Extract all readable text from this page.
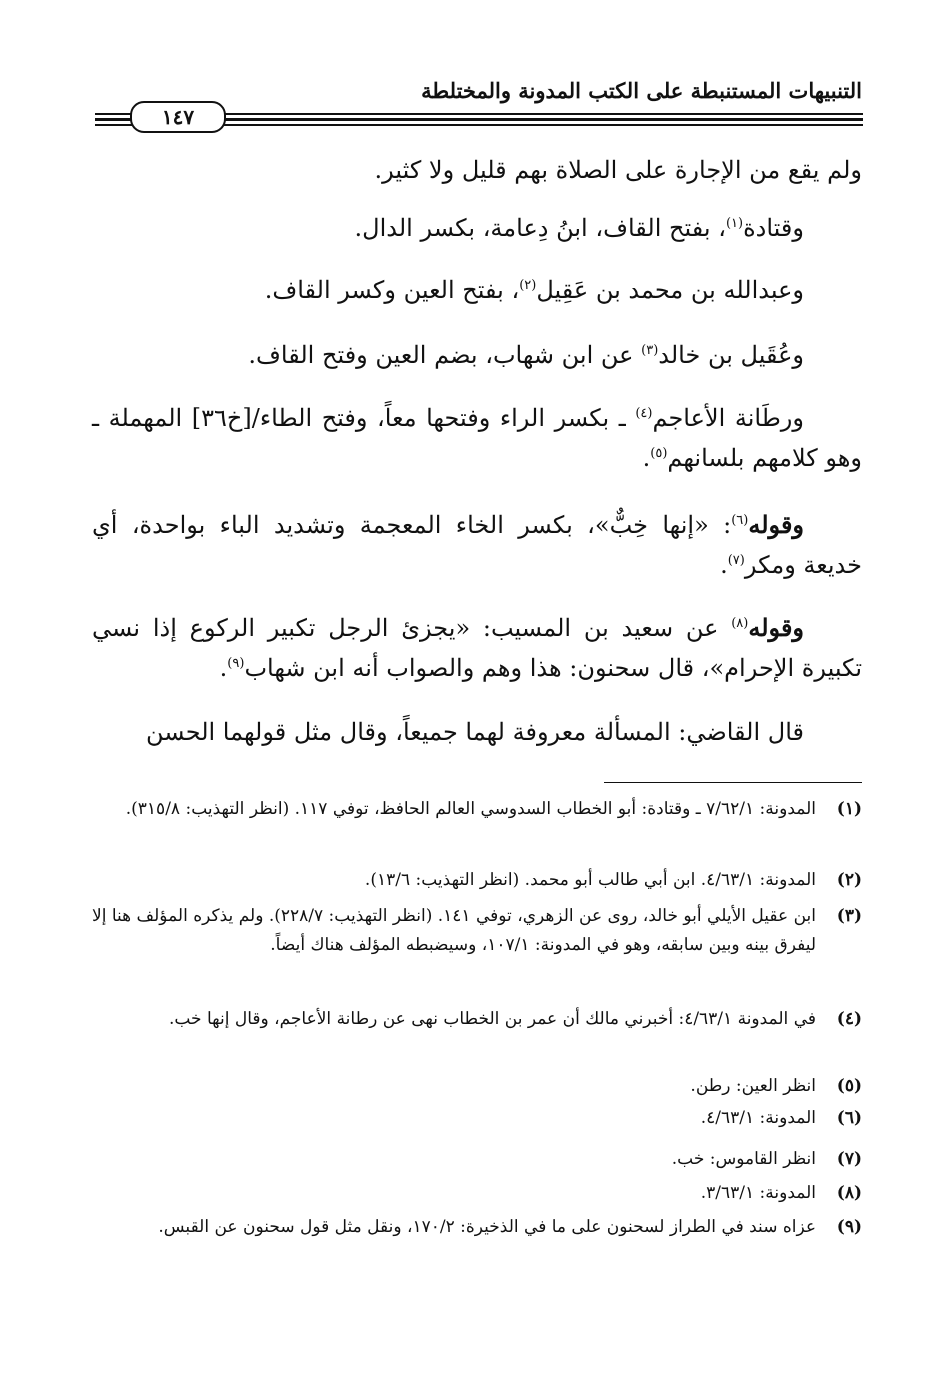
التنبيهات المستنبطة على الكتب المدونة والمختلطة
١٤٧
ولم يقع من الإجارة على الصلاة بهم قليل ولا كثير.
وقتادة$^{(١)}$، بفتح القاف، ابنُ دِعامة، بكسر الدال.
وعبدالله بن محمد بن عَقِيل$^{(٢)}$، بفتح العين وكسر القاف.
وعُقَيل بن خالد$^{(٣)}$ عن ابن شهاب، بضم العين وفتح القاف.
ورطَانة الأعاجم$^{(٤)}$ ـ بكسر الراء وفتحها معاً، وفتح الطاء/[خ٣٦] المهملة ـ وهو كلامهم بلسانهم$^{(٥)}$.
وقوله$^{(٦)}$: «إنها خِبٌّ»، بكسر الخاء المعجمة وتشديد الباء بواحدة، أي خديعة ومكر$^{(٧)}$.
وقوله$^{(٨)}$ عن سعيد بن المسيب: «يجزئ الرجل تكبير الركوع إذا نسي تكبيرة الإحرام»، قال سحنون: هذا وهم والصواب أنه ابن شهاب$^{(٩)}$.
قال القاضي: المسألة معروفة لهما جميعاً، وقال مثل قولهما الحسن
(١)
المدونة: ٧/٦٢/١ ـ وقتادة: أبو الخطاب السدوسي العالم الحافظ، توفي ١١٧. (انظر التهذيب: ٣١٥/٨).
(٢)
المدونة: ٤/٦٣/١. ابن أبي طالب أبو محمد. (انظر التهذيب: ١٣/٦).
(٣)
ابن عقيل الأيلي أبو خالد، روى عن الزهري، توفي ١٤١. (انظر التهذيب: ٢٢٨/٧). ولم يذكره المؤلف هنا إلا ليفرق بينه وبين سابقه، وهو في المدونة: ١٠٧/١، وسيضبطه المؤلف هناك أيضاً.
(٤)
في المدونة ٤/٦٣/١: أخبرني مالك أن عمر بن الخطاب نهى عن رطانة الأعاجم، وقال إنها خب.
(٥)
انظر العين: رطن.
(٦)
المدونة: ٤/٦٣/١.
(٧)
انظر القاموس: خب.
(٨)
المدونة: ٣/٦٣/١.
(٩)
عزاه سند في الطراز لسحنون على ما في الذخيرة: ١٧٠/٢، ونقل مثل قول سحنون عن القبس.
